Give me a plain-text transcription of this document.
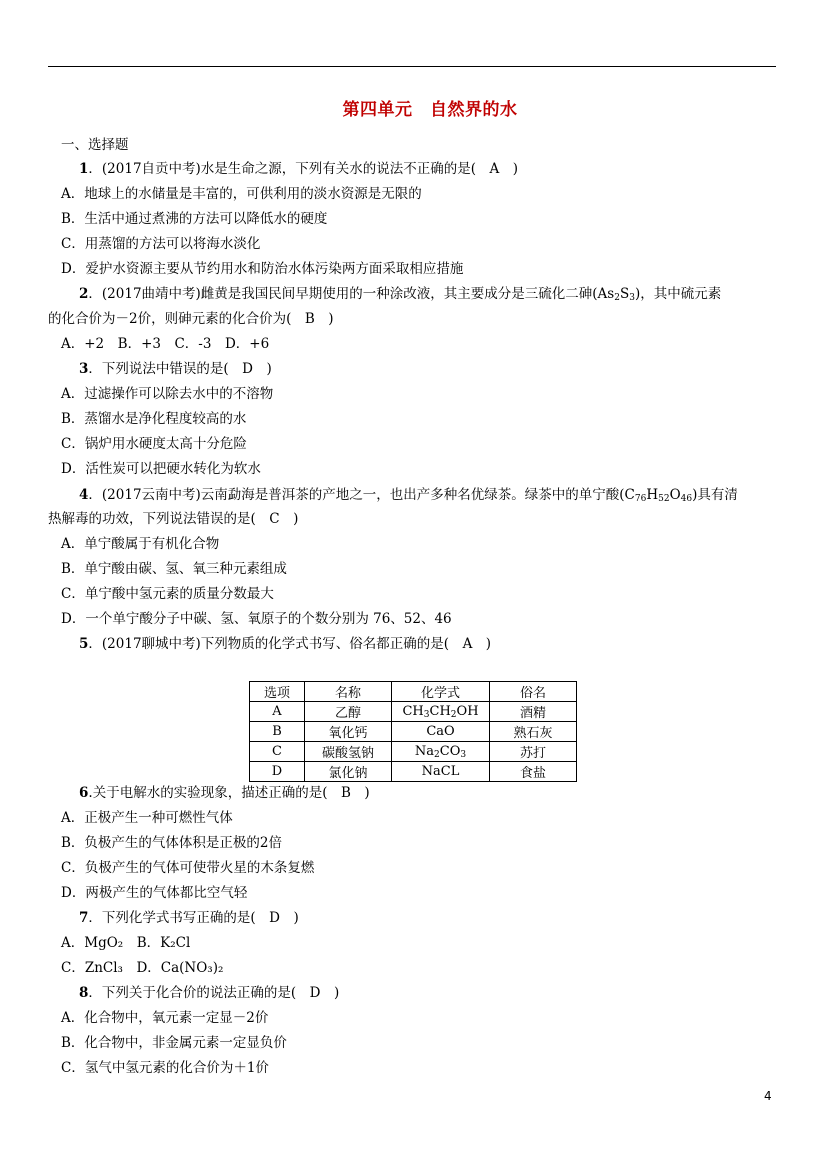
第四单元　自然界的水
一、选择题
1．(2017自贡中考)水是生命之源，下列有关水的说法不正确的是(　A　)
A．地球上的水储量是丰富的，可供利用的淡水资源是无限的
B．生活中通过煮沸的方法可以降低水的硬度
C．用蒸馏的方法可以将海水淡化
D．爱护水资源主要从节约用水和防治水体污染两方面采取相应措施
2．(2017曲靖中考)雌黄是我国民间早期使用的一种涂改液，其主要成分是三硫化二砷$(As_2S_3)$，其中硫元素
的化合价为－2价，则砷元素的化合价为(　B　)
A．+2　B．+3　C．-3　D．+6
3．下列说法中错误的是(　D　)
A．过滤操作可以除去水中的不溶物
B．蒸馏水是净化程度较高的水
C．锅炉用水硬度太高十分危险
D．活性炭可以把硬水转化为软水
4．(2017云南中考)云南勐海是普洱茶的产地之一，也出产多种名优绿茶。绿茶中的单宁酸$(C_{76}H_{52}O_{46})$具有清
热解毒的功效，下列说法错误的是(　C　)
A．单宁酸属于有机化合物
B．单宁酸由碳、氢、氧三种元素组成
C．单宁酸中氢元素的质量分数最大
D．一个单宁酸分子中碳、氢、氧原子的个数分别为 76、52、46
5．(2017聊城中考)下列物质的化学式书写、俗名都正确的是(　A　)
选项	名称	化学式	俗名
A	乙醇	$CH_3CH_2OH$	酒精
B	氧化钙	CaO	熟石灰
C	碳酸氢钠	$Na_2CO_3$	苏打
D	氯化钠	NaCL	食盐
6.关于电解水的实验现象，描述正确的是(　B　)
A．正极产生一种可燃性气体
B．负极产生的气体体积是正极的2倍
C．负极产生的气体可使带火星的木条复燃
D．两极产生的气体都比空气轻
7．下列化学式书写正确的是(　D　)
A．MgO₂　B．K₂Cl
C．ZnCl₃　D．Ca(NO₃)₂
8．下列关于化合价的说法正确的是(　D　)
A．化合物中，氧元素一定显－2价
B．化合物中，非金属元素一定显负价
C．氢气中氢元素的化合价为＋1价
4
